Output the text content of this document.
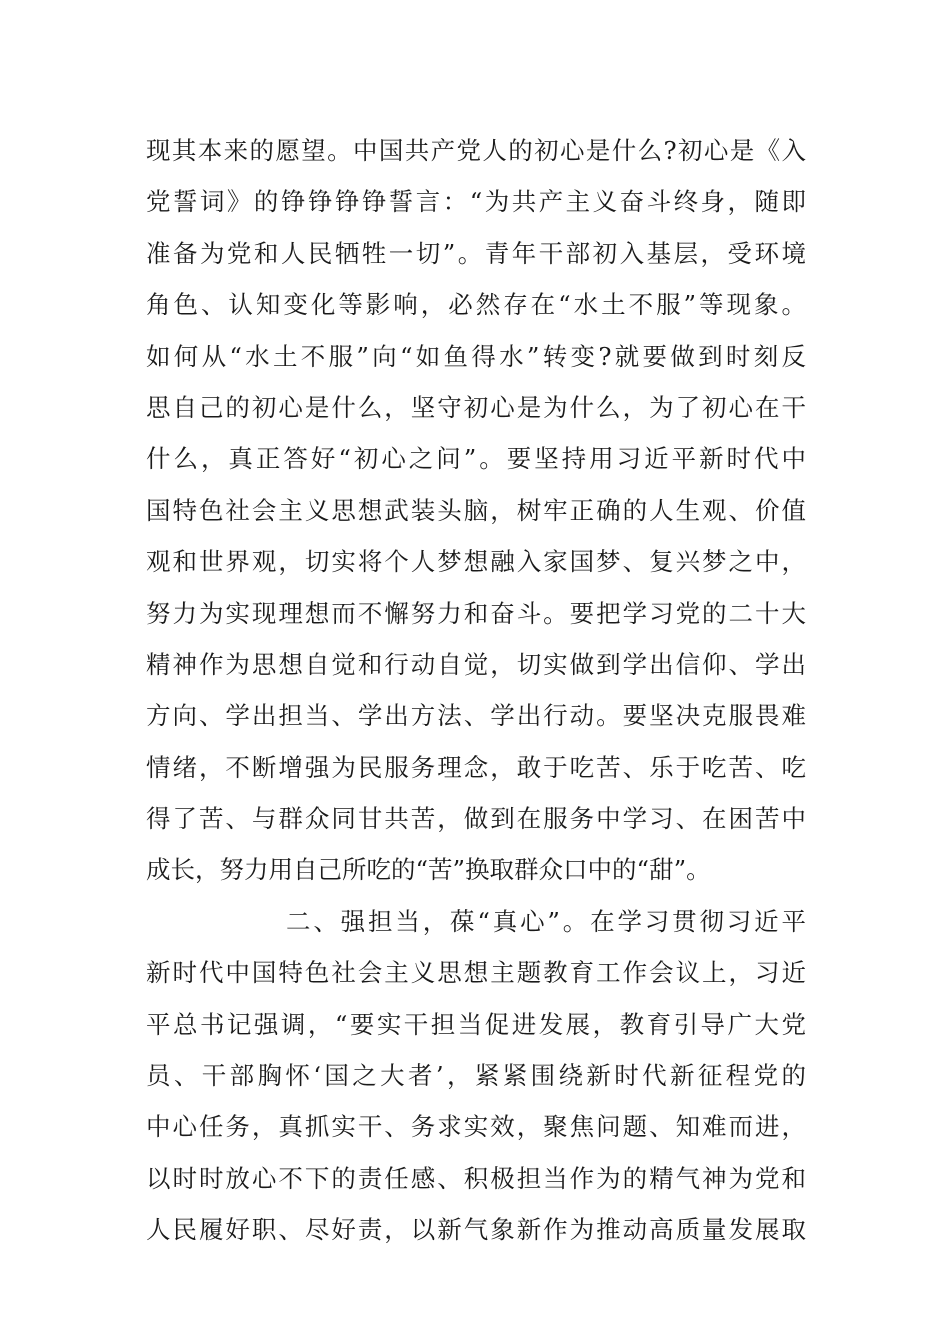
现其本来的愿望。中国共产党人的初心是什么?初心是《入
党誓词》的铮铮铮铮誓言：“为共产主义奋斗终身，随即
准备为党和人民牺牲一切”。青年干部初入基层，受环境
角色、认知变化等影响，必然存在“水土不服”等现象。
如何从“水土不服”向“如鱼得水”转变?就要做到时刻反
思自己的初心是什么，坚守初心是为什么，为了初心在干
什么，真正答好“初心之问”。要坚持用习近平新时代中
国特色社会主义思想武装头脑，树牢正确的人生观、价值
观和世界观，切实将个人梦想融入家国梦、复兴梦之中，
努力为实现理想而不懈努力和奋斗。要把学习党的二十大
精神作为思想自觉和行动自觉，切实做到学出信仰、学出
方向、学出担当、学出方法、学出行动。要坚决克服畏难
情绪，不断增强为民服务理念，敢于吃苦、乐于吃苦、吃
得了苦、与群众同甘共苦，做到在服务中学习、在困苦中
成长，努力用自己所吃的“苦”换取群众口中的“甜”。
二、强担当，葆“真心”。在学习贯彻习近平
新时代中国特色社会主义思想主题教育工作会议上，习近
平总书记强调，“要实干担当促进发展，教育引导广大党
员、干部胸怀‘国之大者’，紧紧围绕新时代新征程党的
中心任务，真抓实干、务求实效，聚焦问题、知难而进，
以时时放心不下的责任感、积极担当作为的精气神为党和
人民履好职、尽好责，以新气象新作为推动高质量发展取
